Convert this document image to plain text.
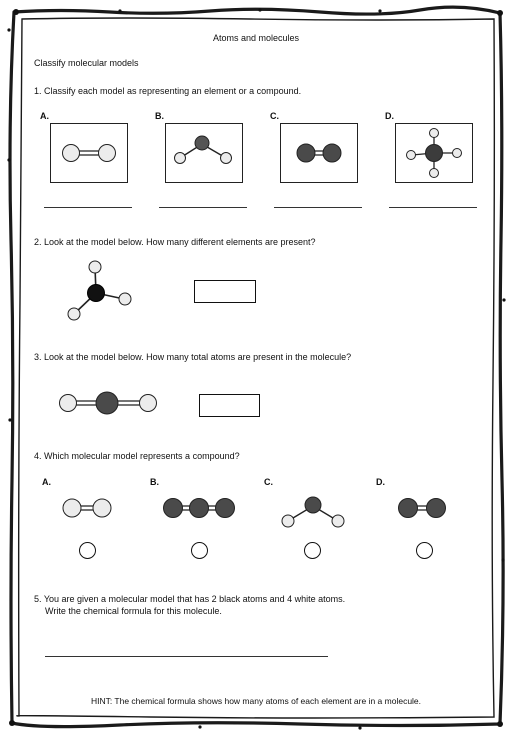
Atoms and molecules
Classify molecular models
1. Classify each model as representing an element or a compound.
A.	B.	C.	D.
2. Look at the model below. How many different elements are present?
3. Look at the model below. How many total atoms are present in the molecule?
4. Which molecular model represents a compound?
A.	B.	C.	D.
5. You are given a molecular model that has 2 black atoms and 4 white atoms.
Write the chemical formula for this molecule.
HINT: The chemical formula shows how many atoms of each element are in a molecule.
